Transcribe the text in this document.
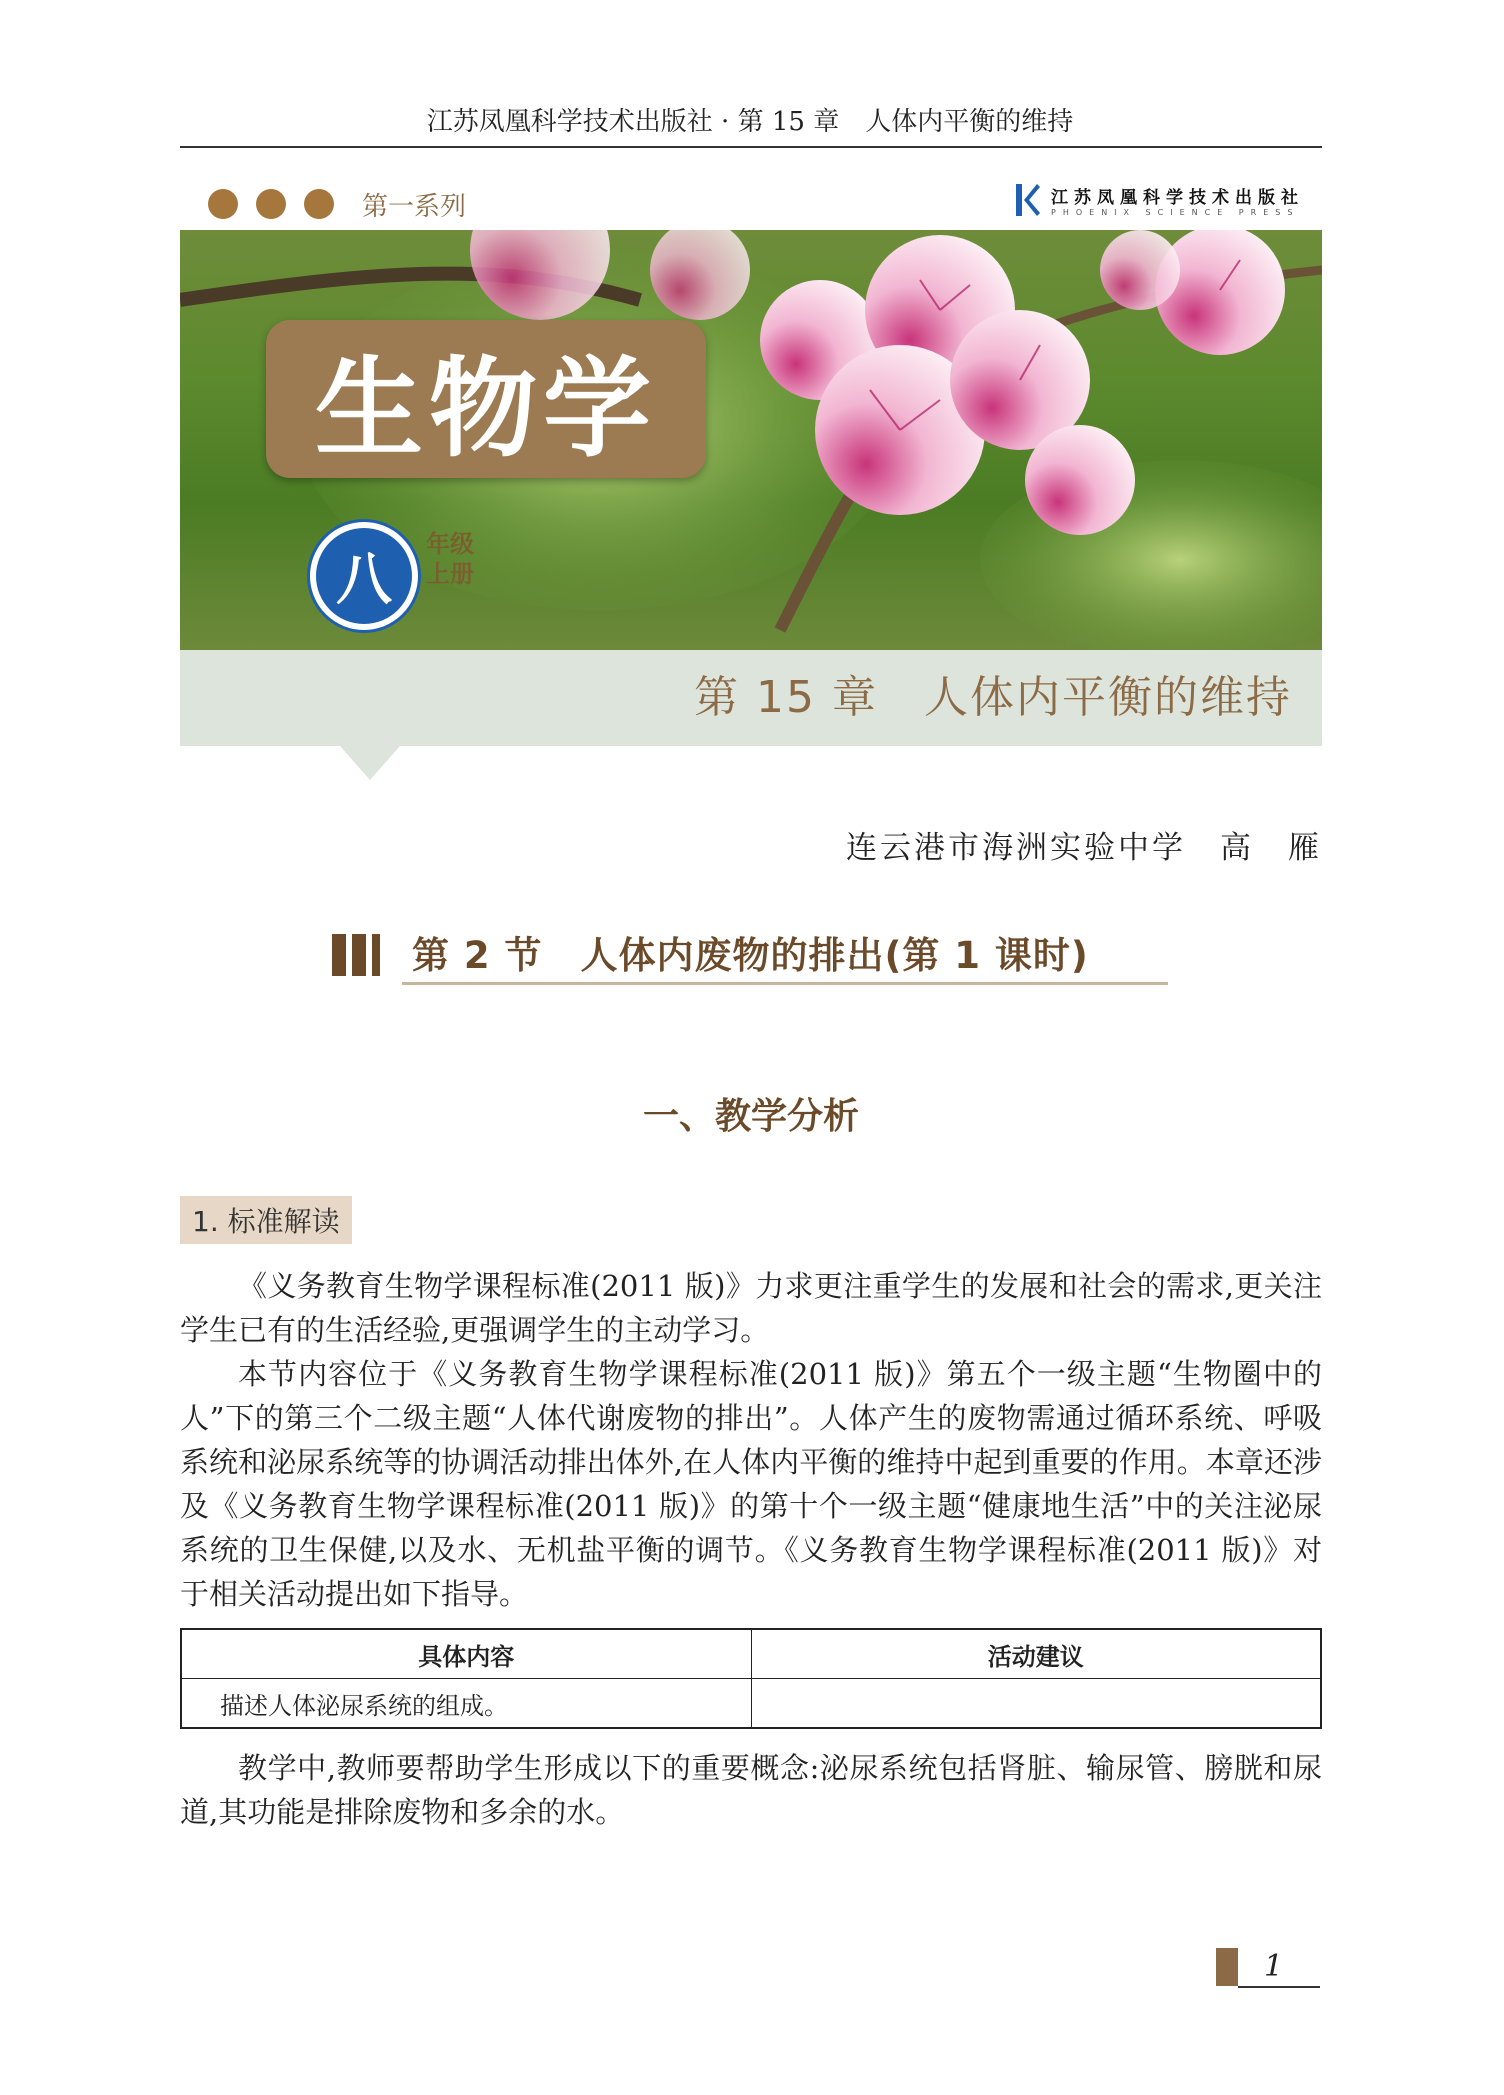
江苏凤凰科学技术出版社 · 第 15 章　人体内平衡的维持
第一系列	江苏凤凰科学技术出版社
PHOENIX SCIENCE PRESS
生物学
八
年级
上册
第 15 章　人体内平衡的维持
连云港市海洲实验中学　高　雁
第 2 节　人体内废物的排出(第 1 课时)
一、教学分析
1. 标准解读

《义务教育生物学课程标准(2011 版)》力求更注重学生的发展和社会的需求,更关注学生已有的生活经验,更强调学生的主动学习。

本节内容位于《义务教育生物学课程标准(2011 版)》第五个一级主题“生物圈中的人”下的第三个二级主题“人体代谢废物的排出”。人体产生的废物需通过循环系统、呼吸系统和泌尿系统等的协调活动排出体外,在人体内平衡的维持中起到重要的作用。本章还涉及《义务教育生物学课程标准(2011 版)》的第十个一级主题“健康地生活”中的关注泌尿系统的卫生保健,以及水、无机盐平衡的调节。《义务教育生物学课程标准(2011 版)》对于相关活动提出如下指导。

具体内容	活动建议
描述人体泌尿系统的组成。	

教学中,教师要帮助学生形成以下的重要概念:泌尿系统包括肾脏、输尿管、膀胱和尿道,其功能是排除废物和多余的水。

1
